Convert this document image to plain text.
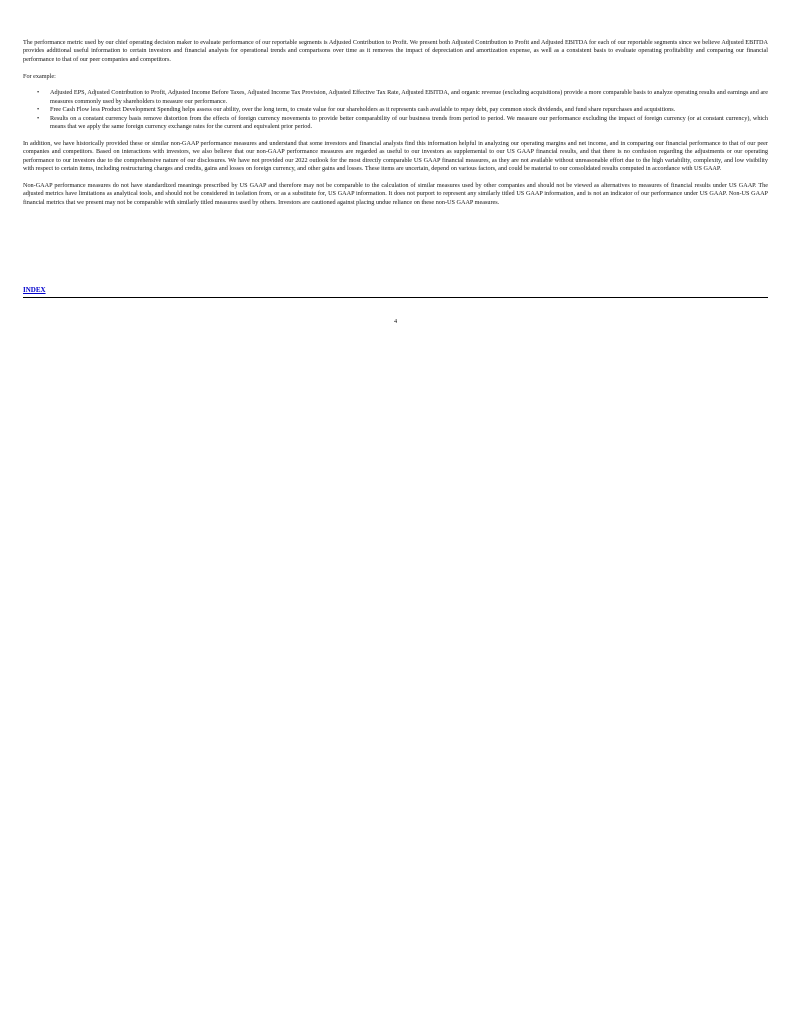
The performance metric used by our chief operating decision maker to evaluate performance of our reportable segments is Adjusted Contribution to Profit. We present both Adjusted Contribution to Profit and Adjusted EBITDA for each of our reportable segments since we believe Adjusted EBITDA provides additional useful information to certain investors and financial analysts for operational trends and comparisons over time as it removes the impact of depreciation and amortization expense, as well as a consistent basis to evaluate operating profitability and comparing our financial performance to that of our peer companies and competitors.

For example:

• Adjusted EPS, Adjusted Contribution to Profit, Adjusted Income Before Taxes, Adjusted Income Tax Provision, Adjusted Effective Tax Rate, Adjusted EBITDA, and organic revenue (excluding acquisitions) provide a more comparable basis to analyze operating results and earnings and are measures commonly used by shareholders to measure our performance.
• Free Cash Flow less Product Development Spending helps assess our ability, over the long term, to create value for our shareholders as it represents cash available to repay debt, pay common stock dividends, and fund share repurchases and acquisitions.
• Results on a constant currency basis remove distortion from the effects of foreign currency movements to provide better comparability of our business trends from period to period. We measure our performance excluding the impact of foreign currency (or at constant currency), which means that we apply the same foreign currency exchange rates for the current and equivalent prior period.

In addition, we have historically provided these or similar non-GAAP performance measures and understand that some investors and financial analysts find this information helpful in analyzing our operating margins and net income, and in comparing our financial performance to that of our peer companies and competitors. Based on interactions with investors, we also believe that our non-GAAP performance measures are regarded as useful to our investors as supplemental to our US GAAP financial results, and that there is no confusion regarding the adjustments or our operating performance to our investors due to the comprehensive nature of our disclosures. We have not provided our 2022 outlook for the most directly comparable US GAAP financial measures, as they are not available without unreasonable effort due to the high variability, complexity, and low visibility with respect to certain items, including restructuring charges and credits, gains and losses on foreign currency, and other gains and losses. These items are uncertain, depend on various factors, and could be material to our consolidated results computed in accordance with US GAAP.

Non-GAAP performance measures do not have standardized meanings prescribed by US GAAP and therefore may not be comparable to the calculation of similar measures used by other companies and should not be viewed as alternatives to measures of financial results under US GAAP. The adjusted metrics have limitations as analytical tools, and should not be considered in isolation from, or as a substitute for, US GAAP information. It does not purport to represent any similarly titled US GAAP information, and is not an indicator of our performance under US GAAP. Non-US GAAP financial metrics that we present may not be comparable with similarly titled measures used by others. Investors are cautioned against placing undue reliance on these non-US GAAP measures.

4
INDEX
